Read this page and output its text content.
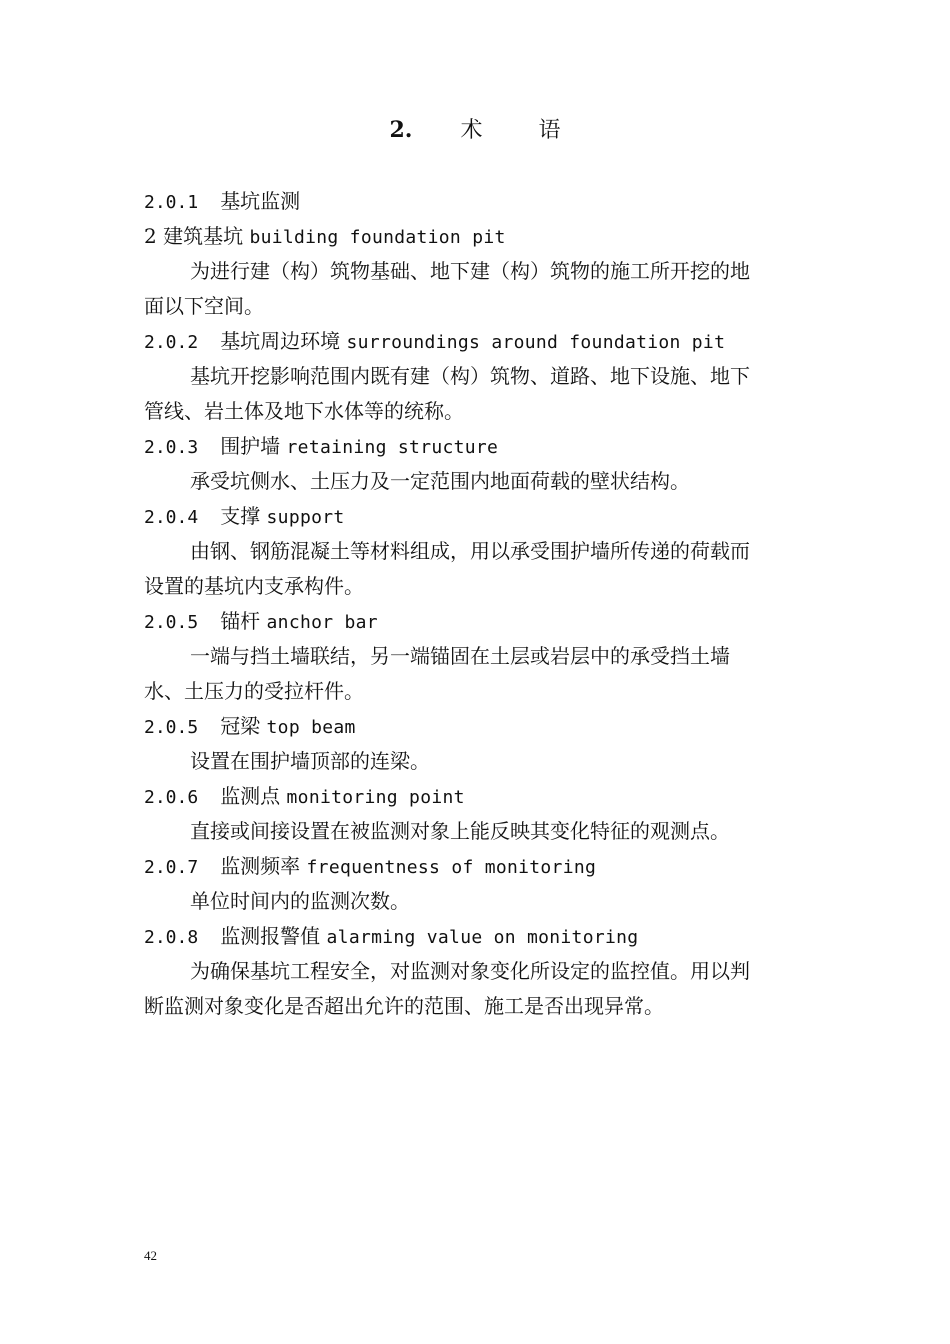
2. 术	语
2.0.1 基坑监测
2 建筑基坑 building foundation pit
为进行建（构）筑物基础、地下建（构）筑物的施工所开挖的地
面以下空间。
2.0.2 基坑周边环境 surroundings around foundation pit
基坑开挖影响范围内既有建（构）筑物、道路、地下设施、地下
管线、岩土体及地下水体等的统称。
2.0.3 围护墙 retaining structure
承受坑侧水、土压力及一定范围内地面荷载的壁状结构。
2.0.4 支撑 support
由钢、钢筋混凝土等材料组成，用以承受围护墙所传递的荷载而
设置的基坑内支承构件。
2.0.5 锚杆 anchor bar
一端与挡土墙联结，另一端锚固在土层或岩层中的承受挡土墙
水、土压力的受拉杆件。
2.0.5 冠梁 top beam
设置在围护墙顶部的连梁。
2.0.6 监测点 monitoring point
直接或间接设置在被监测对象上能反映其变化特征的观测点。
2.0.7 监测频率 frequentness of monitoring
单位时间内的监测次数。
2.0.8 监测报警值 alarming value on monitoring
为确保基坑工程安全，对监测对象变化所设定的监控值。用以判
断监测对象变化是否超出允许的范围、施工是否出现异常。
42
